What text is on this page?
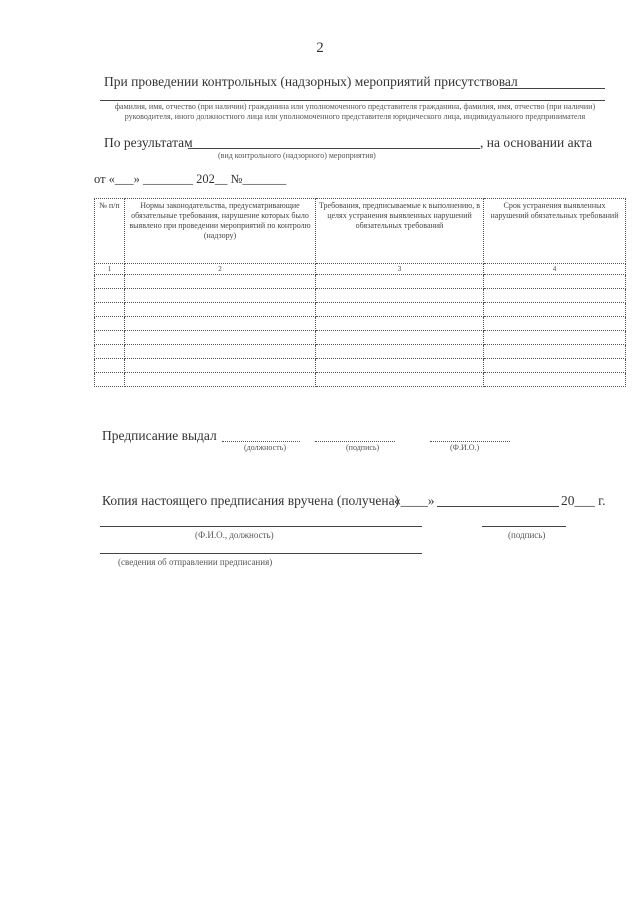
2
При проведении контрольных (надзорных) мероприятий присутствовал
фамилия, имя, отчество (при наличии) гражданина или уполномоченного представителя гражданина, фамилия, имя, отчество (при наличии) руководителя, иного должностного лица или уполномоченного представителя юридического лица, индивидуального предпринимателя
По результатам	, на основании акта
(вид контрольного (надзорного) мероприятия)
от «___» ________ 202__ №_______
№ п/п	Нормы законодательства, предусматривающие обязательные требования, нарушение которых было выявлено при проведении мероприятий по контролю (надзору)	Требования, предписываемые к выполнению, в целях устранения выявленных нарушений обязательных требований	Срок устранения выявленных нарушений обязательных требований
1	2	3	4

Предписание выдал
(должность)	(подпись)	(Ф.И.О.)
Копия настоящего предписания вручена (получена)
«____»	20___ г.
(Ф.И.О., должность)	(подпись)
(сведения об отправлении предписания)
